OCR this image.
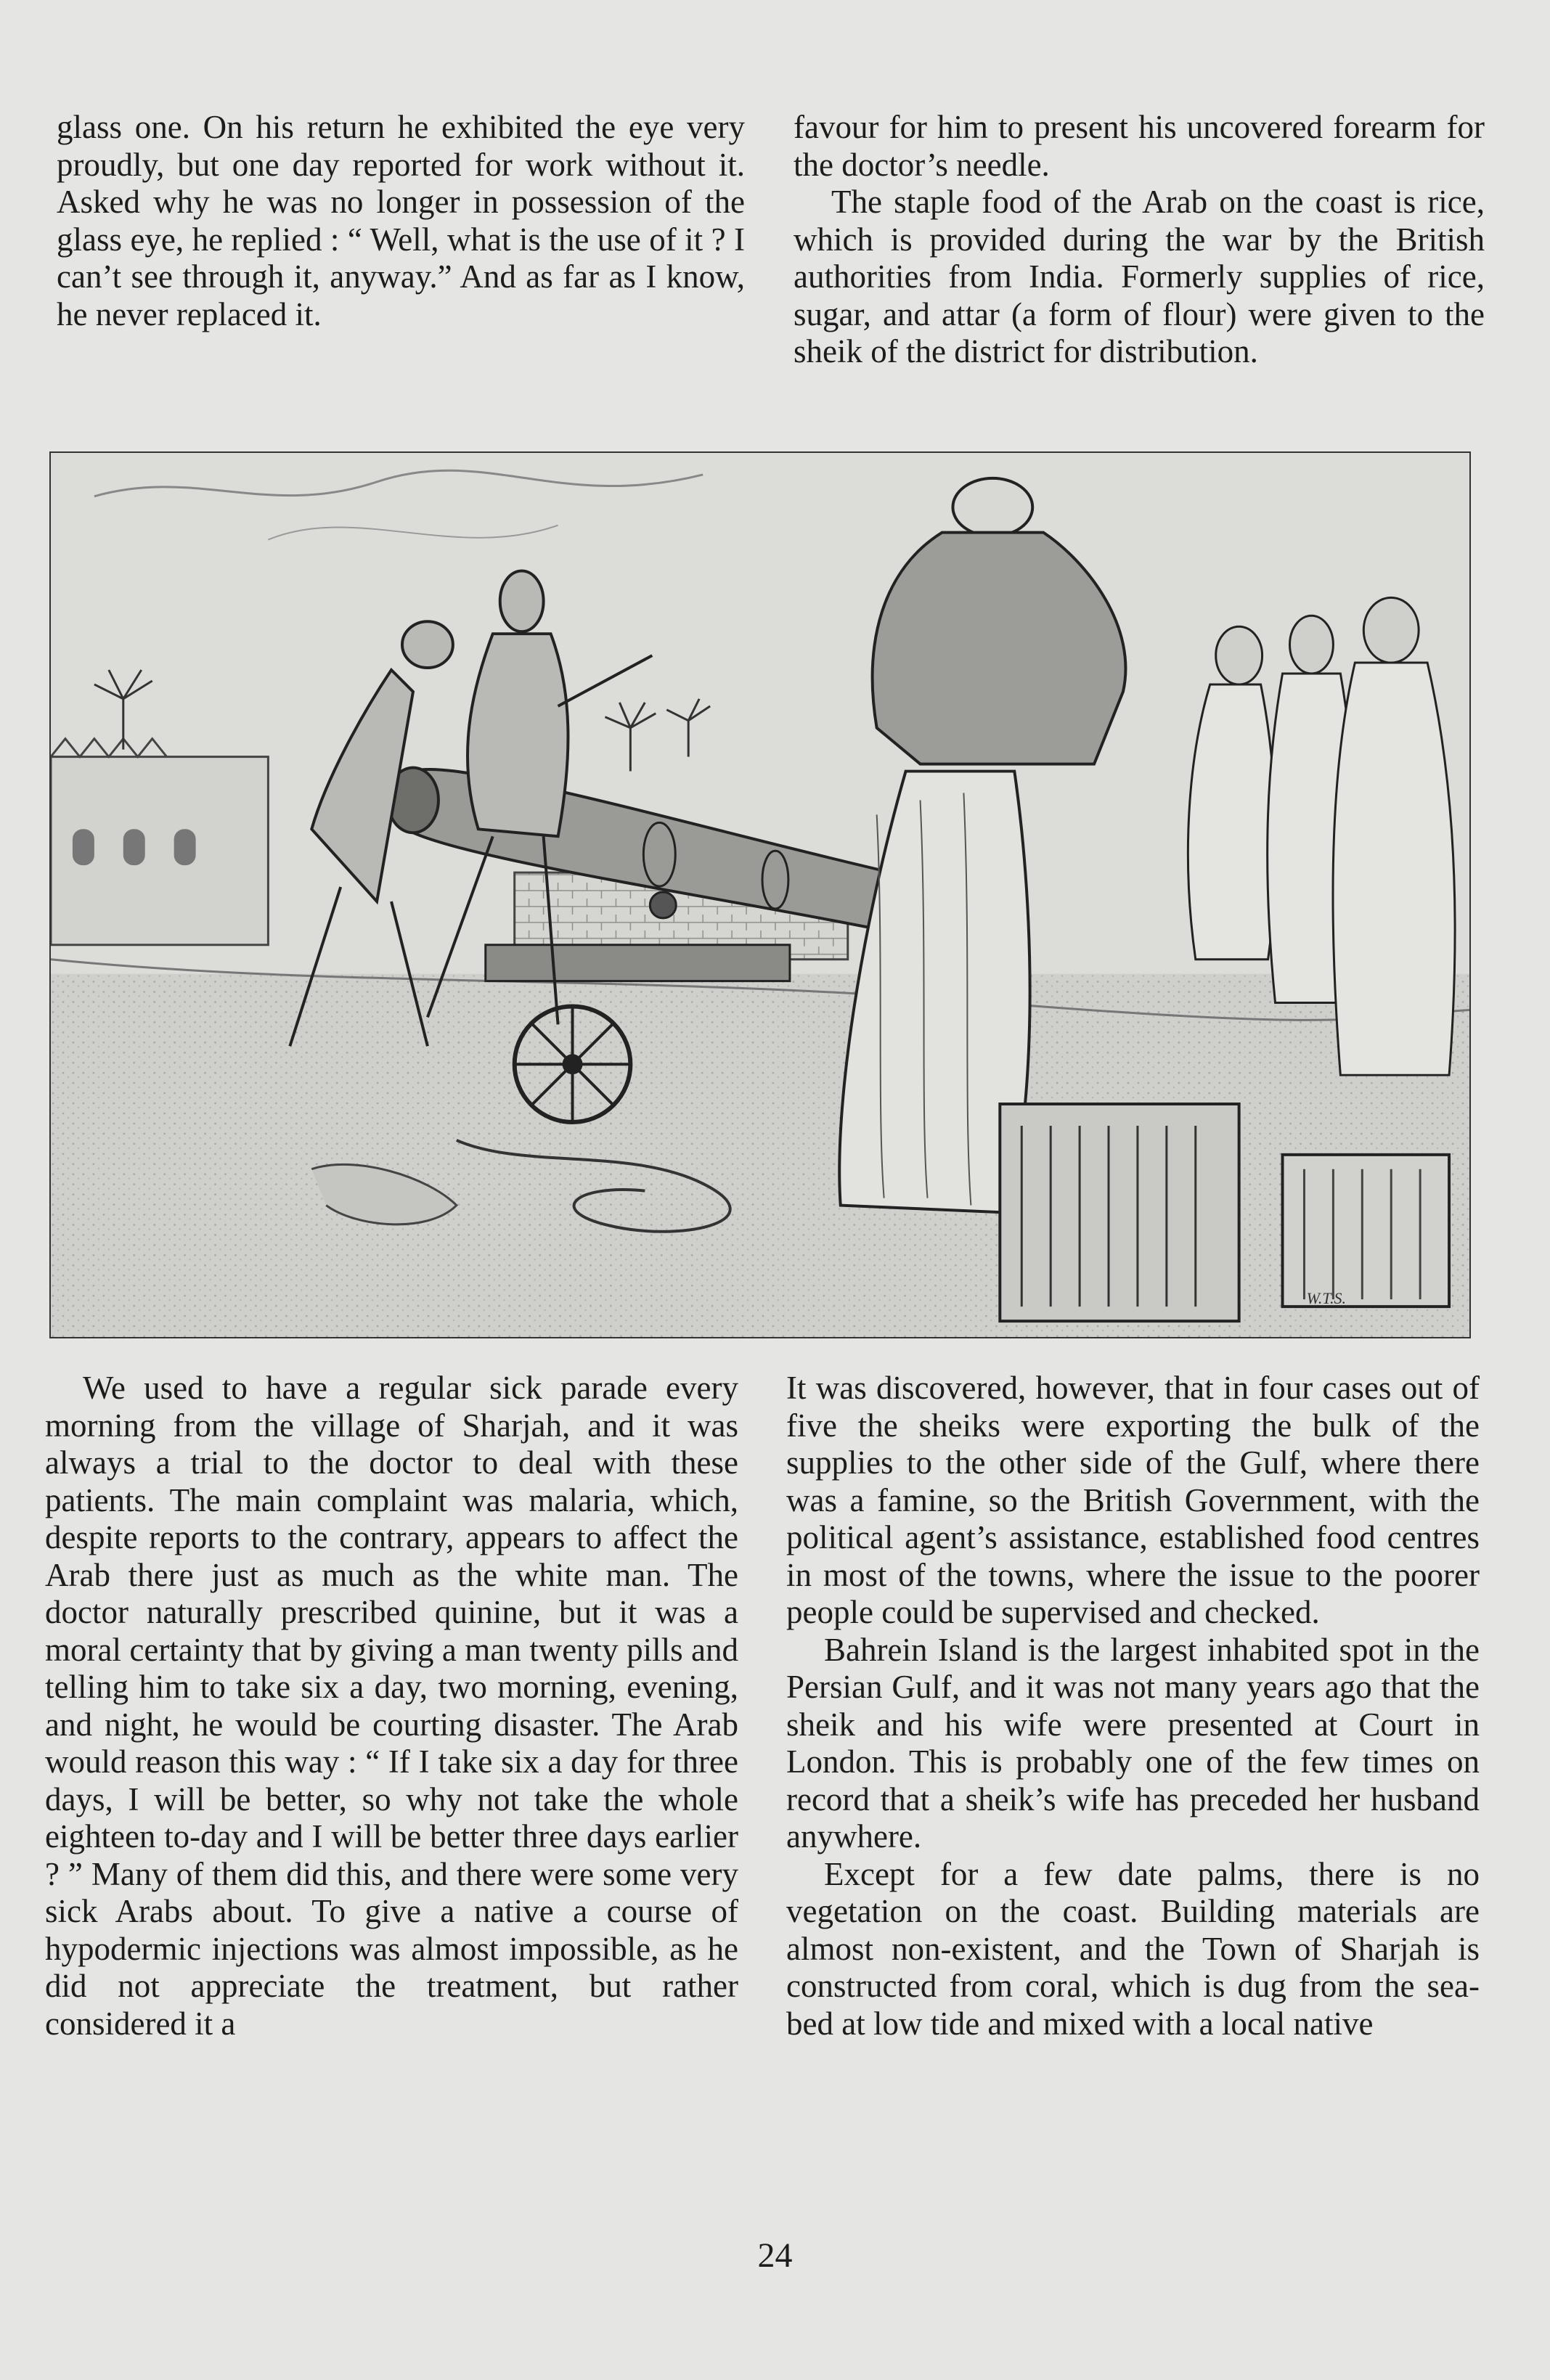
glass one. On his return he exhibited the eye very proudly, but one day reported for work without it. Asked why he was no longer in possession of the glass eye, he replied : “ Well, what is the use of it ? I can’t see through it, anyway.” And as far as I know, he never replaced it.

favour for him to present his uncovered forearm for the doctor’s needle.

The staple food of the Arab on the coast is rice, which is provided during the war by the British authorities from India. Formerly supplies of rice, sugar, and attar (a form of flour) were given to the sheik of the district for distribution.

W.T.S.

We used to have a regular sick parade every morning from the village of Sharjah, and it was always a trial to the doctor to deal with these patients. The main complaint was malaria, which, despite reports to the contrary, appears to affect the Arab there just as much as the white man. The doctor naturally prescribed quinine, but it was a moral certainty that by giving a man twenty pills and telling him to take six a day, two morning, evening, and night, he would be courting disaster. The Arab would reason this way : “ If I take six a day for three days, I will be better, so why not take the whole eighteen to-day and I will be better three days earlier ? ” Many of them did this, and there were some very sick Arabs about. To give a native a course of hypodermic injections was almost impossible, as he did not appreciate the treatment, but rather considered it a

It was discovered, however, that in four cases out of five the sheiks were exporting the bulk of the supplies to the other side of the Gulf, where there was a famine, so the British Government, with the political agent’s assistance, established food centres in most of the towns, where the issue to the poorer people could be supervised and checked.

Bahrein Island is the largest inhabited spot in the Persian Gulf, and it was not many years ago that the sheik and his wife were presented at Court in London. This is probably one of the few times on record that a sheik’s wife has preceded her husband anywhere.

Except for a few date palms, there is no vegetation on the coast. Building materials are almost non-existent, and the Town of Sharjah is constructed from coral, which is dug from the sea-bed at low tide and mixed with a local native

24
